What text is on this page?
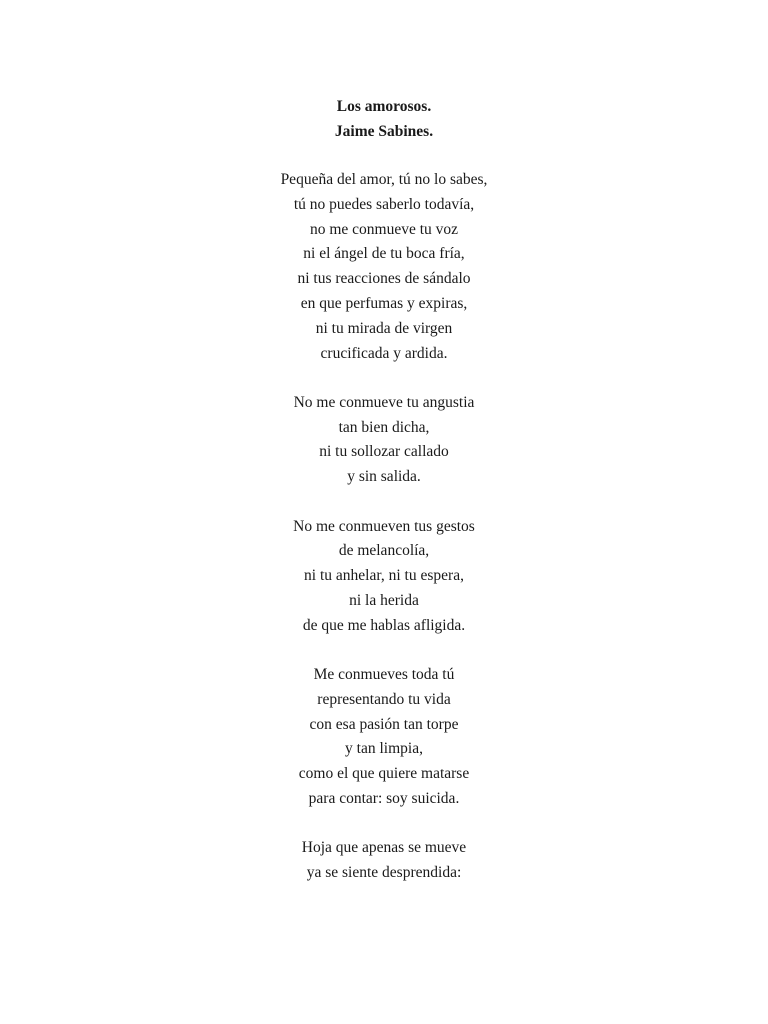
Los amorosos.
Jaime Sabines.
Pequeña del amor, tú no lo sabes,
tú no puedes saberlo todavía,
no me conmueve tu voz
ni el ángel de tu boca fría,
ni tus reacciones de sándalo
en que perfumas y expiras,
ni tu mirada de virgen
crucificada y ardida.
No me conmueve tu angustia
tan bien dicha,
ni tu sollozar callado
y sin salida.
No me conmueven tus gestos
de melancolía,
ni tu anhelar, ni tu espera,
ni la herida
de que me hablas afligida.
Me conmueves toda tú
representando tu vida
con esa pasión tan torpe
y tan limpia,
como el que quiere matarse
para contar: soy suicida.
Hoja que apenas se mueve
ya se siente desprendida:
